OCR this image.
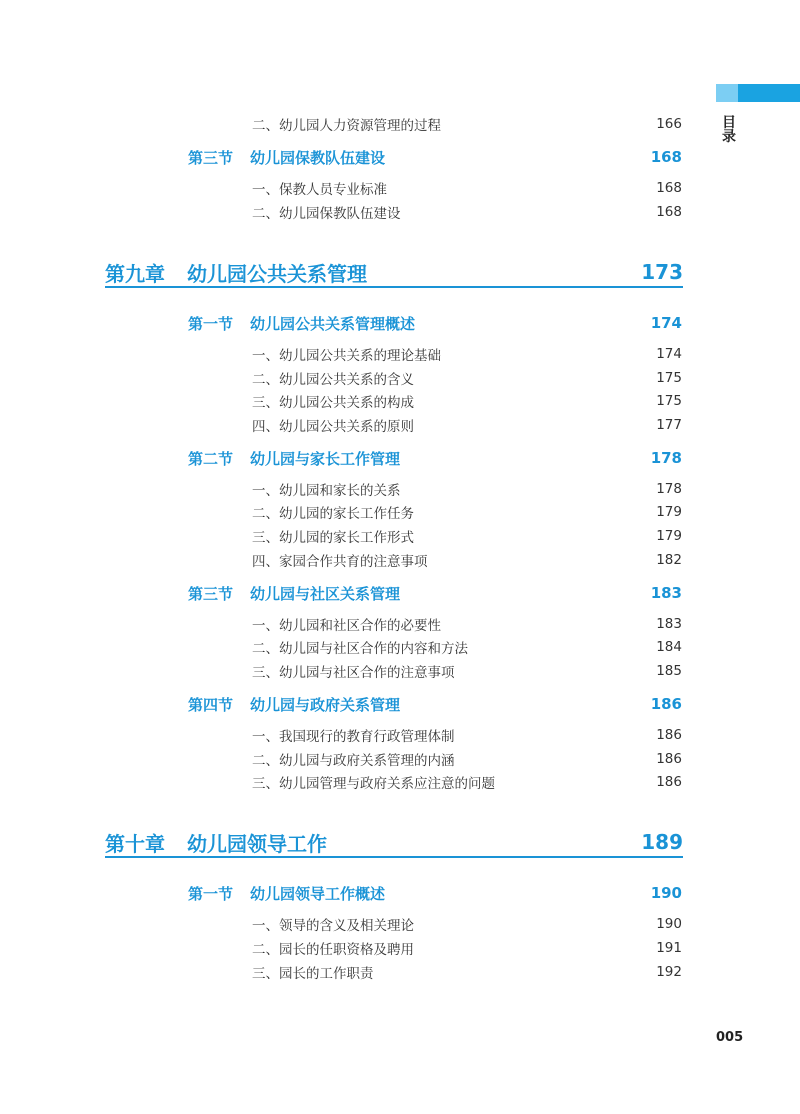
目
录
二、幼儿园人力资源管理的过程	166
第三节	幼儿园保教队伍建设	168
一、保教人员专业标准	168
二、幼儿园保教队伍建设	168
第九章	幼儿园公共关系管理	173
第一节	幼儿园公共关系管理概述	174
一、幼儿园公共关系的理论基础	174
二、幼儿园公共关系的含义	175
三、幼儿园公共关系的构成	175
四、幼儿园公共关系的原则	177
第二节	幼儿园与家长工作管理	178
一、幼儿园和家长的关系	178
二、幼儿园的家长工作任务	179
三、幼儿园的家长工作形式	179
四、家园合作共育的注意事项	182
第三节	幼儿园与社区关系管理	183
一、幼儿园和社区合作的必要性	183
二、幼儿园与社区合作的内容和方法	184
三、幼儿园与社区合作的注意事项	185
第四节	幼儿园与政府关系管理	186
一、我国现行的教育行政管理体制	186
二、幼儿园与政府关系管理的内涵	186
三、幼儿园管理与政府关系应注意的问题	186
第十章	幼儿园领导工作	189
第一节	幼儿园领导工作概述	190
一、领导的含义及相关理论	190
二、园长的任职资格及聘用	191
三、园长的工作职责	192
005
